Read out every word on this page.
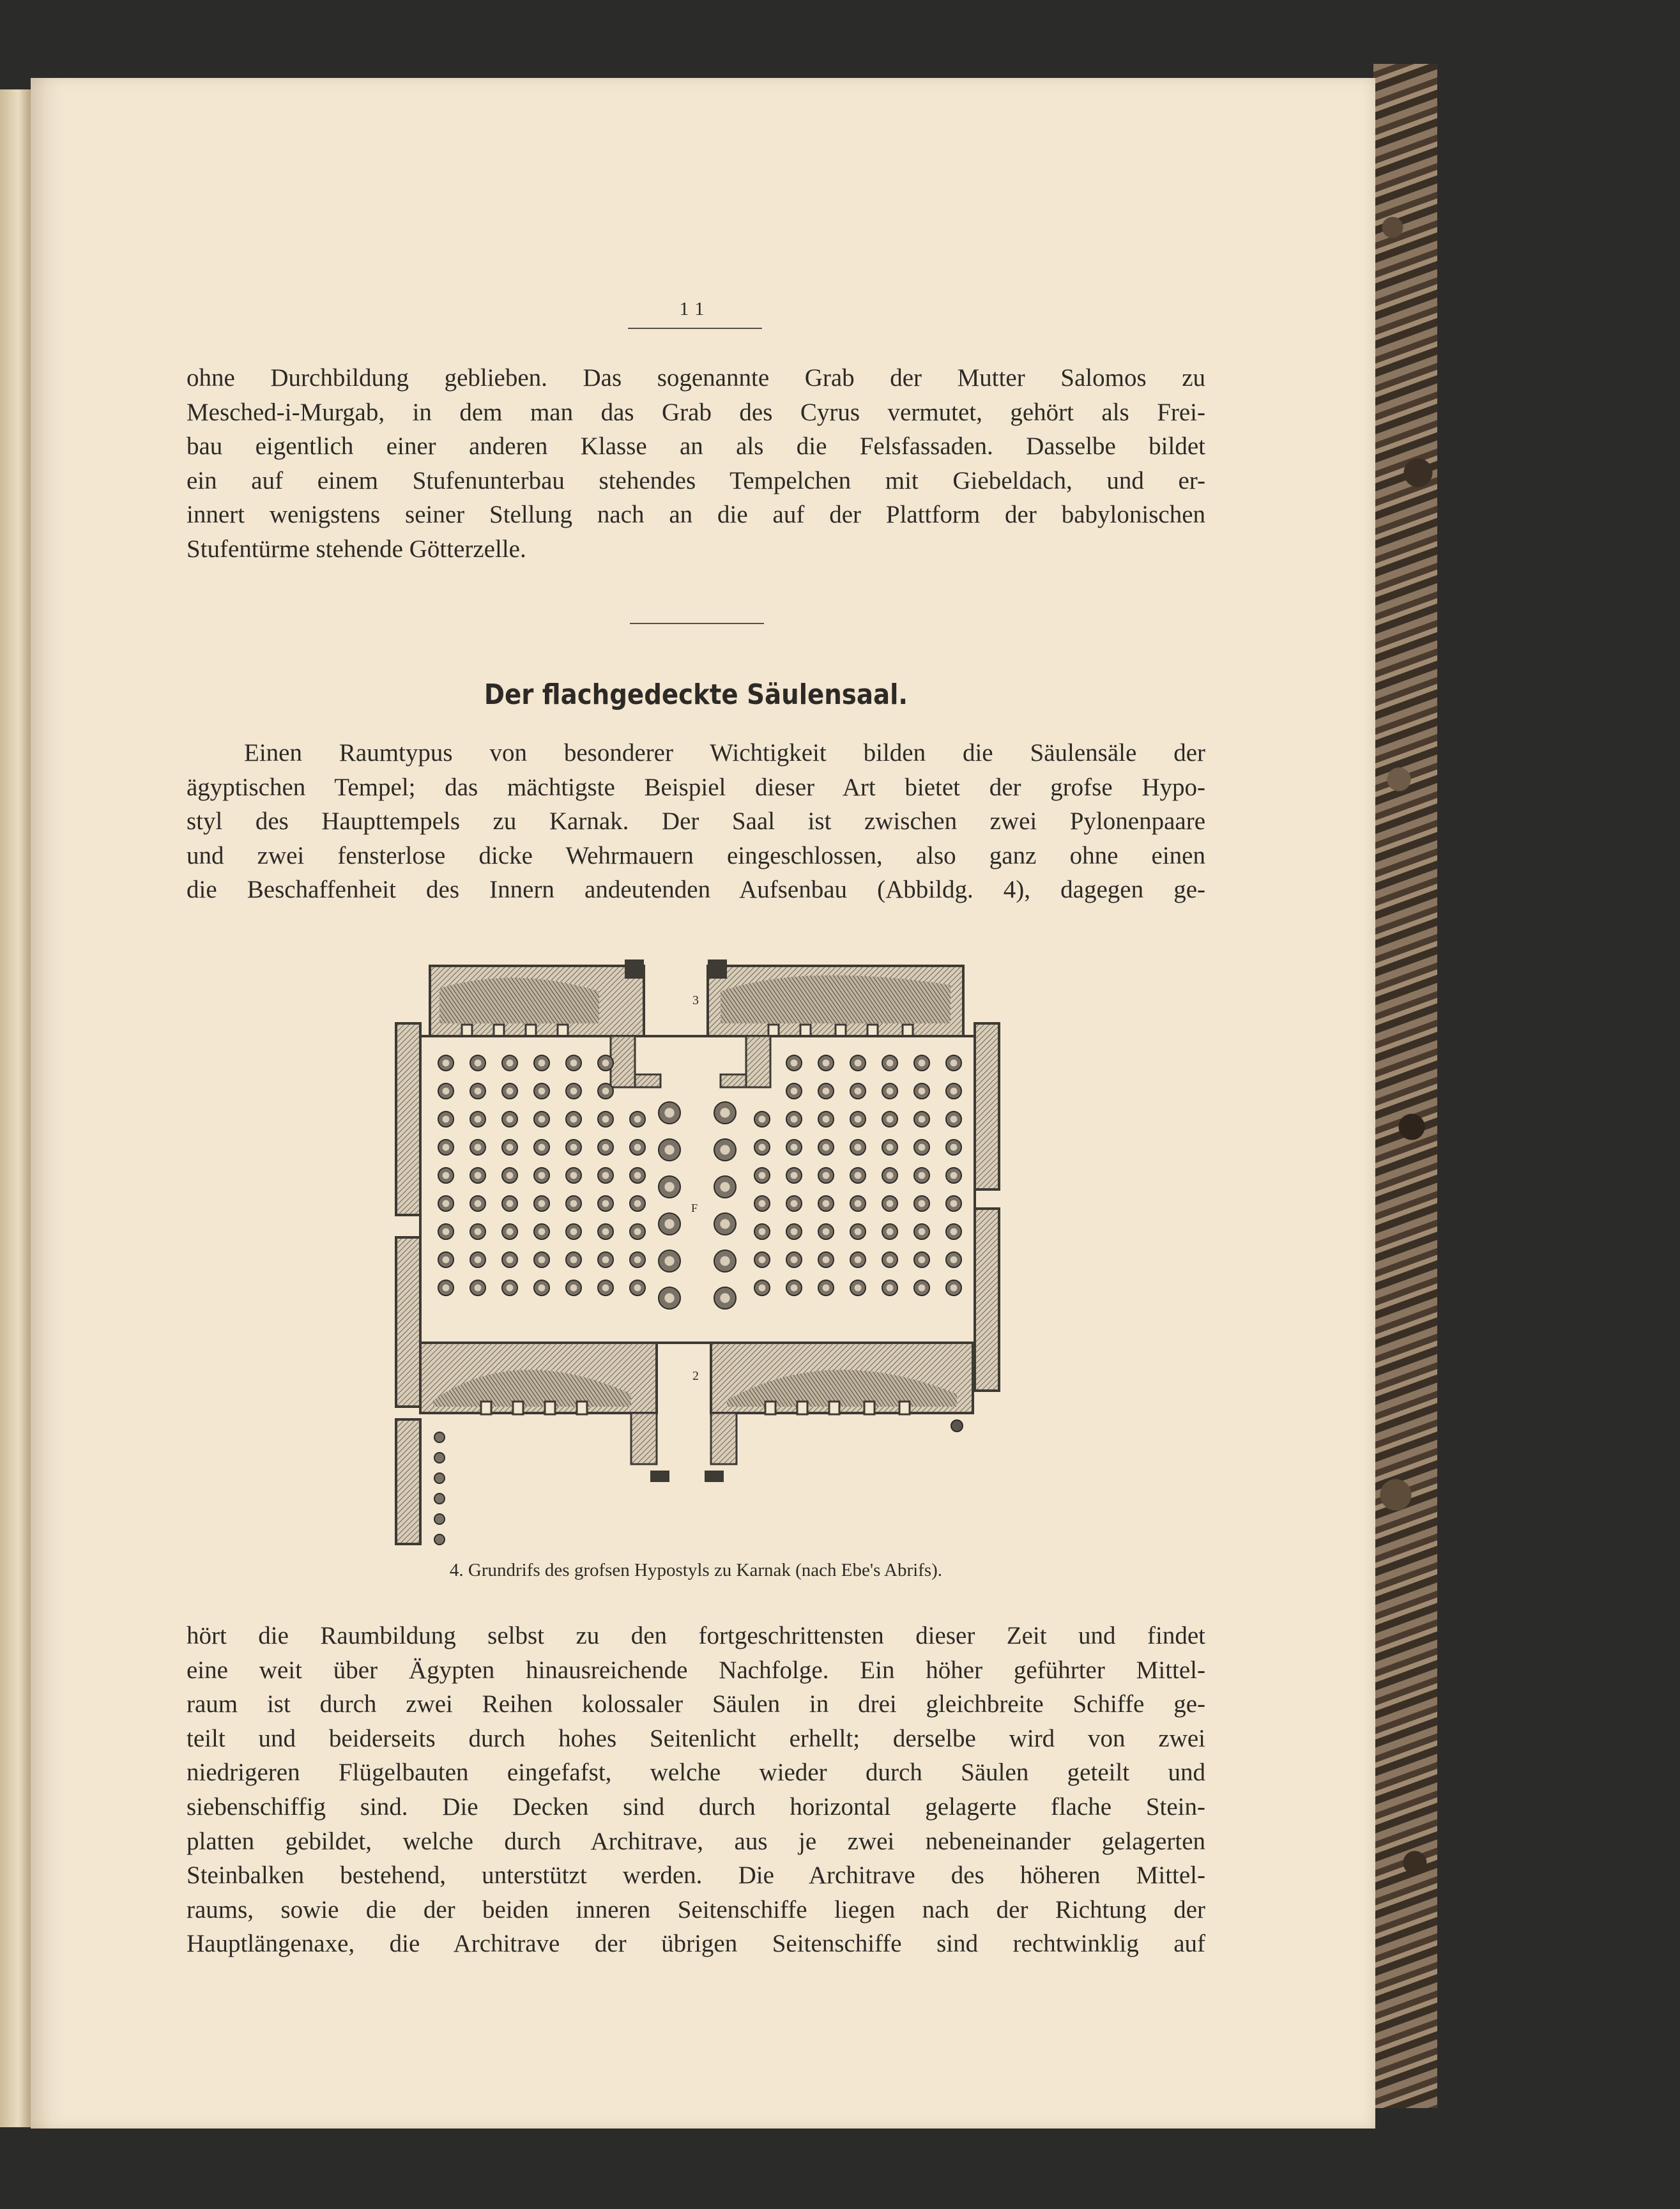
11

ohne Durchbildung geblieben. Das sogenannte Grab der Mutter Salomos zu
Mesched-i-Murgab, in dem man das Grab des Cyrus vermutet, gehört als Frei-
bau eigentlich einer anderen Klasse an als die Felsfassaden. Dasselbe bildet
ein auf einem Stufenunterbau stehendes Tempelchen mit Giebeldach, und er-
innert wenigstens seiner Stellung nach an die auf der Plattform der babylonischen
Stufentürme stehende Götterzelle.

Der flachgedeckte Säulensaal.

Einen Raumtypus von besonderer Wichtigkeit bilden die Säulensäle der
ägyptischen Tempel; das mächtigste Beispiel dieser Art bietet der grofse Hypo-
styl des Haupttempels zu Karnak. Der Saal ist zwischen zwei Pylonenpaare
und zwei fensterlose dicke Wehrmauern eingeschlossen, also ganz ohne einen
die Beschaffenheit des Innern andeutenden Aufsenbau (Abbildg. 4), dagegen ge-

3
F
2
4. Grundrifs des grofsen Hypostyls zu Karnak (nach Ebe's Abrifs).

hört die Raumbildung selbst zu den fortgeschrittensten dieser Zeit und findet
eine weit über Ägypten hinausreichende Nachfolge. Ein höher geführter Mittel-
raum ist durch zwei Reihen kolossaler Säulen in drei gleichbreite Schiffe ge-
teilt und beiderseits durch hohes Seitenlicht erhellt; derselbe wird von zwei
niedrigeren Flügelbauten eingefafst, welche wieder durch Säulen geteilt und
siebenschiffig sind. Die Decken sind durch horizontal gelagerte flache Stein-
platten gebildet, welche durch Architrave, aus je zwei nebeneinander gelagerten
Steinbalken bestehend, unterstützt werden. Die Architrave des höheren Mittel-
raums, sowie die der beiden inneren Seitenschiffe liegen nach der Richtung der
Hauptlängenaxe, die Architrave der übrigen Seitenschiffe sind rechtwinklig auf
